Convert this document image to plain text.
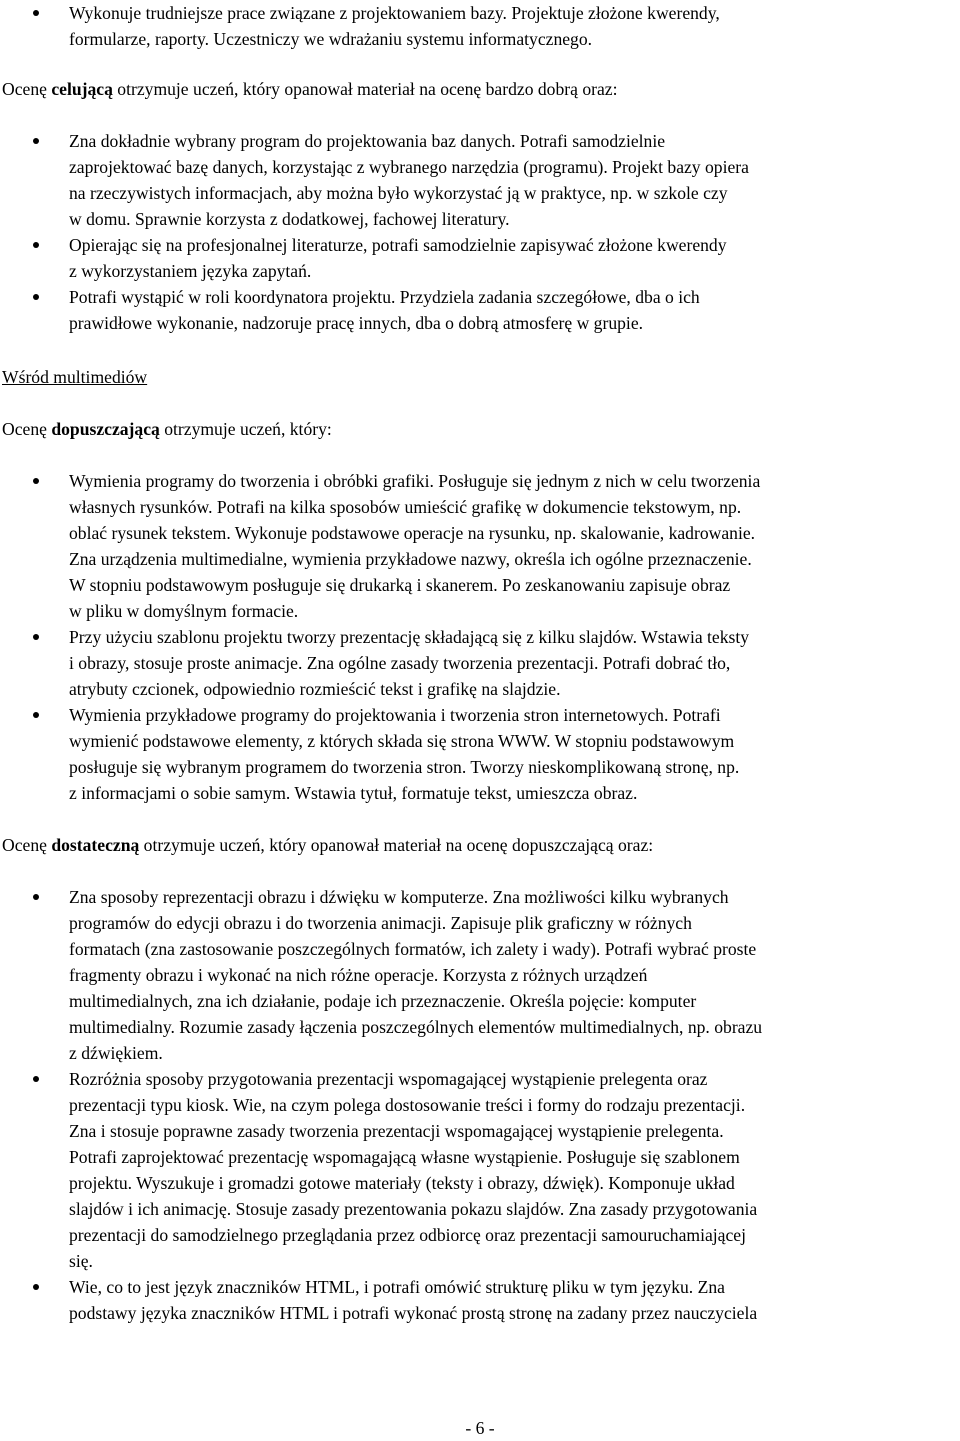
Wykonuje trudniejsze prace związane z projektowaniem bazy. Projektuje złożone kwerendy,
formularze, raporty. Uczestniczy we wdrażaniu systemu informatycznego.

Ocenę celującą otrzymuje uczeń, który opanował materiał na ocenę bardzo dobrą oraz:

Zna dokładnie wybrany program do projektowania baz danych. Potrafi samodzielnie
zaprojektować bazę danych, korzystając z wybranego narzędzia (programu). Projekt bazy opiera
na rzeczywistych informacjach, aby można było wykorzystać ją w praktyce, np. w szkole czy
w domu. Sprawnie korzysta z dodatkowej, fachowej literatury.
Opierając się na profesjonalnej literaturze, potrafi samodzielnie zapisywać złożone kwerendy
z wykorzystaniem języka zapytań.
Potrafi wystąpić w roli koordynatora projektu. Przydziela zadania szczegółowe, dba o ich
prawidłowe wykonanie, nadzoruje pracę innych, dba o dobrą atmosferę w grupie.

Wśród multimediów

Ocenę dopuszczającą otrzymuje uczeń, który:

Wymienia programy do tworzenia i obróbki grafiki. Posługuje się jednym z nich w celu tworzenia
własnych rysunków. Potrafi na kilka sposobów umieścić grafikę w dokumencie tekstowym, np.
oblać rysunek tekstem. Wykonuje podstawowe operacje na rysunku, np. skalowanie, kadrowanie.
Zna urządzenia multimedialne, wymienia przykładowe nazwy, określa ich ogólne przeznaczenie.
W stopniu podstawowym posługuje się drukarką i skanerem. Po zeskanowaniu zapisuje obraz
w pliku w domyślnym formacie.
Przy użyciu szablonu projektu tworzy prezentację składającą się z kilku slajdów. Wstawia teksty
i obrazy, stosuje proste animacje. Zna ogólne zasady tworzenia prezentacji. Potrafi dobrać tło,
atrybuty czcionek, odpowiednio rozmieścić tekst i grafikę na slajdzie.
Wymienia przykładowe programy do projektowania i tworzenia stron internetowych. Potrafi
wymienić podstawowe elementy, z których składa się strona WWW. W stopniu podstawowym
posługuje się wybranym programem do tworzenia stron. Tworzy nieskomplikowaną stronę, np.
z informacjami o sobie samym. Wstawia tytuł, formatuje tekst, umieszcza obraz.

Ocenę dostateczną otrzymuje uczeń, który opanował materiał na ocenę dopuszczającą oraz:

Zna sposoby reprezentacji obrazu i dźwięku w komputerze. Zna możliwości kilku wybranych
programów do edycji obrazu i do tworzenia animacji. Zapisuje plik graficzny w różnych
formatach (zna zastosowanie poszczególnych formatów, ich zalety i wady). Potrafi wybrać proste
fragmenty obrazu i wykonać na nich różne operacje. Korzysta z różnych urządzeń
multimedialnych, zna ich działanie, podaje ich przeznaczenie. Określa pojęcie: komputer
multimedialny. Rozumie zasady łączenia poszczególnych elementów multimedialnych, np. obrazu
z dźwiękiem.
Rozróżnia sposoby przygotowania prezentacji wspomagającej wystąpienie prelegenta oraz
prezentacji typu kiosk. Wie, na czym polega dostosowanie treści i formy do rodzaju prezentacji.
Zna i stosuje poprawne zasady tworzenia prezentacji wspomagającej wystąpienie prelegenta.
Potrafi zaprojektować prezentację wspomagającą własne wystąpienie. Posługuje się szablonem
projektu. Wyszukuje i gromadzi gotowe materiały (teksty i obrazy, dźwięk). Komponuje układ
slajdów i ich animację. Stosuje zasady prezentowania pokazu slajdów. Zna zasady przygotowania
prezentacji do samodzielnego przeglądania przez odbiorcę oraz prezentacji samouruchamiającej
się.
Wie, co to jest język znaczników HTML, i potrafi omówić strukturę pliku w tym języku. Zna
podstawy języka znaczników HTML i potrafi wykonać prostą stronę na zadany przez nauczyciela
- 6 -
